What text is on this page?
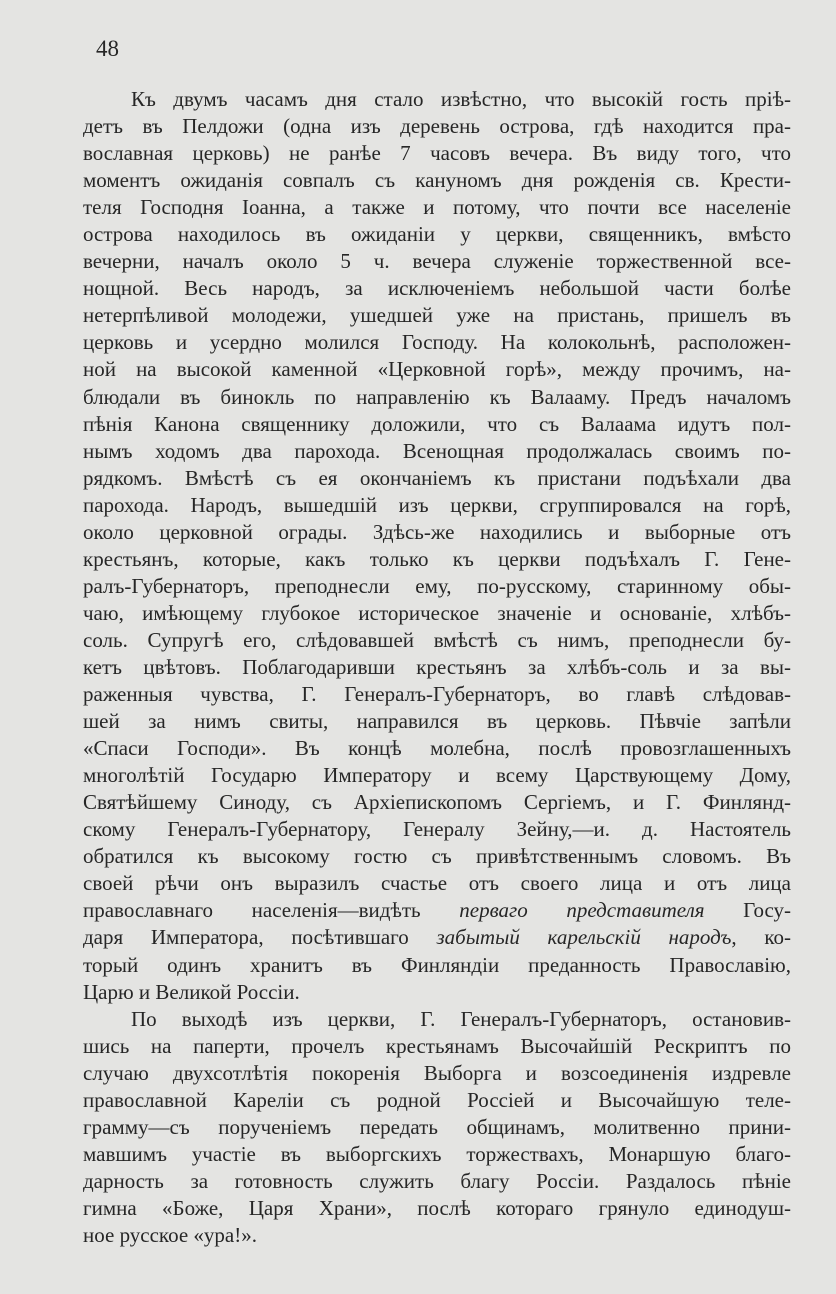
48
Къ двумъ часамъ дня стало извѣстно, что высокій гость пріѣ-
детъ въ Пелдожи (одна изъ деревень острова, гдѣ находится пра-
вославная церковь) не ранѣе 7 часовъ вечера. Въ виду того, что
моментъ ожиданія совпалъ съ кануномъ дня рожденія св. Крести-
теля Господня Іоанна, а также и потому, что почти все населеніе
острова находилось въ ожиданіи у церкви, священникъ, вмѣсто
вечерни, началъ около 5 ч. вечера служеніе торжественной все-
нощной. Весь народъ, за исключеніемъ небольшой части болѣе
нетерпѣливой молодежи, ушедшей уже на пристань, пришелъ въ
церковь и усердно молился Господу. На колокольнѣ, расположен-
ной на высокой каменной «Церковной горѣ», между прочимъ, на-
блюдали въ бинокль по направленію къ Валааму. Предъ началомъ
пѣнія Канона священнику доложили, что съ Валаама идутъ пол-
нымъ ходомъ два парохода. Всенощная продолжалась своимъ по-
рядкомъ. Вмѣстѣ съ ея окончаніемъ къ пристани подъѣхали два
парохода. Народъ, вышедшій изъ церкви, сгруппировался на горѣ,
около церковной ограды. Здѣсь-же находились и выборные отъ
крестьянъ, которые, какъ только къ церкви подъѣхалъ Г. Гене-
ралъ-Губернаторъ, преподнесли ему, по-русскому, старинному обы-
чаю, имѣющему глубокое историческое значеніе и основаніе, хлѣбъ-
соль. Супругѣ его, слѣдовавшей вмѣстѣ съ нимъ, преподнесли бу-
кетъ цвѣтовъ. Поблагодаривши крестьянъ за хлѣбъ-соль и за вы-
раженныя чувства, Г. Генералъ-Губернаторъ, во главѣ слѣдовав-
шей за нимъ свиты, направился въ церковь. Пѣвчіе запѣли
«Спаси Господи». Въ концѣ молебна, послѣ провозглашенныхъ
многолѣтій Государю Императору и всему Царствующему Дому,
Святѣйшему Синоду, съ Архіепископомъ Сергіемъ, и Г. Финлянд-
скому Генералъ-Губернатору, Генералу Зейну,—и. д. Настоятель
обратился къ высокому гостю съ привѣтственнымъ словомъ. Въ
своей рѣчи онъ выразилъ счастье отъ своего лица и отъ лица
православнаго населенія—видѣть перваго представителя Госу-
даря Императора, посѣтившаго забытый карельскій народъ, ко-
торый одинъ хранитъ въ Финляндіи преданность Православію,
Царю и Великой Россіи.
По выходѣ изъ церкви, Г. Генералъ-Губернаторъ, остановив-
шись на паперти, прочелъ крестьянамъ Высочайшій Рескриптъ по
случаю двухсотлѣтія покоренія Выборга и возсоединенія издревле
православной Кареліи съ родной Россіей и Высочайшую теле-
грамму—съ порученіемъ передать общинамъ, молитвенно прини-
мавшимъ участіе въ выборгскихъ торжествахъ, Монаршую благо-
дарность за готовность служить благу Россіи. Раздалось пѣніе
гимна «Боже, Царя Храни», послѣ котораго грянуло единодуш-
ное русское «ура!».
